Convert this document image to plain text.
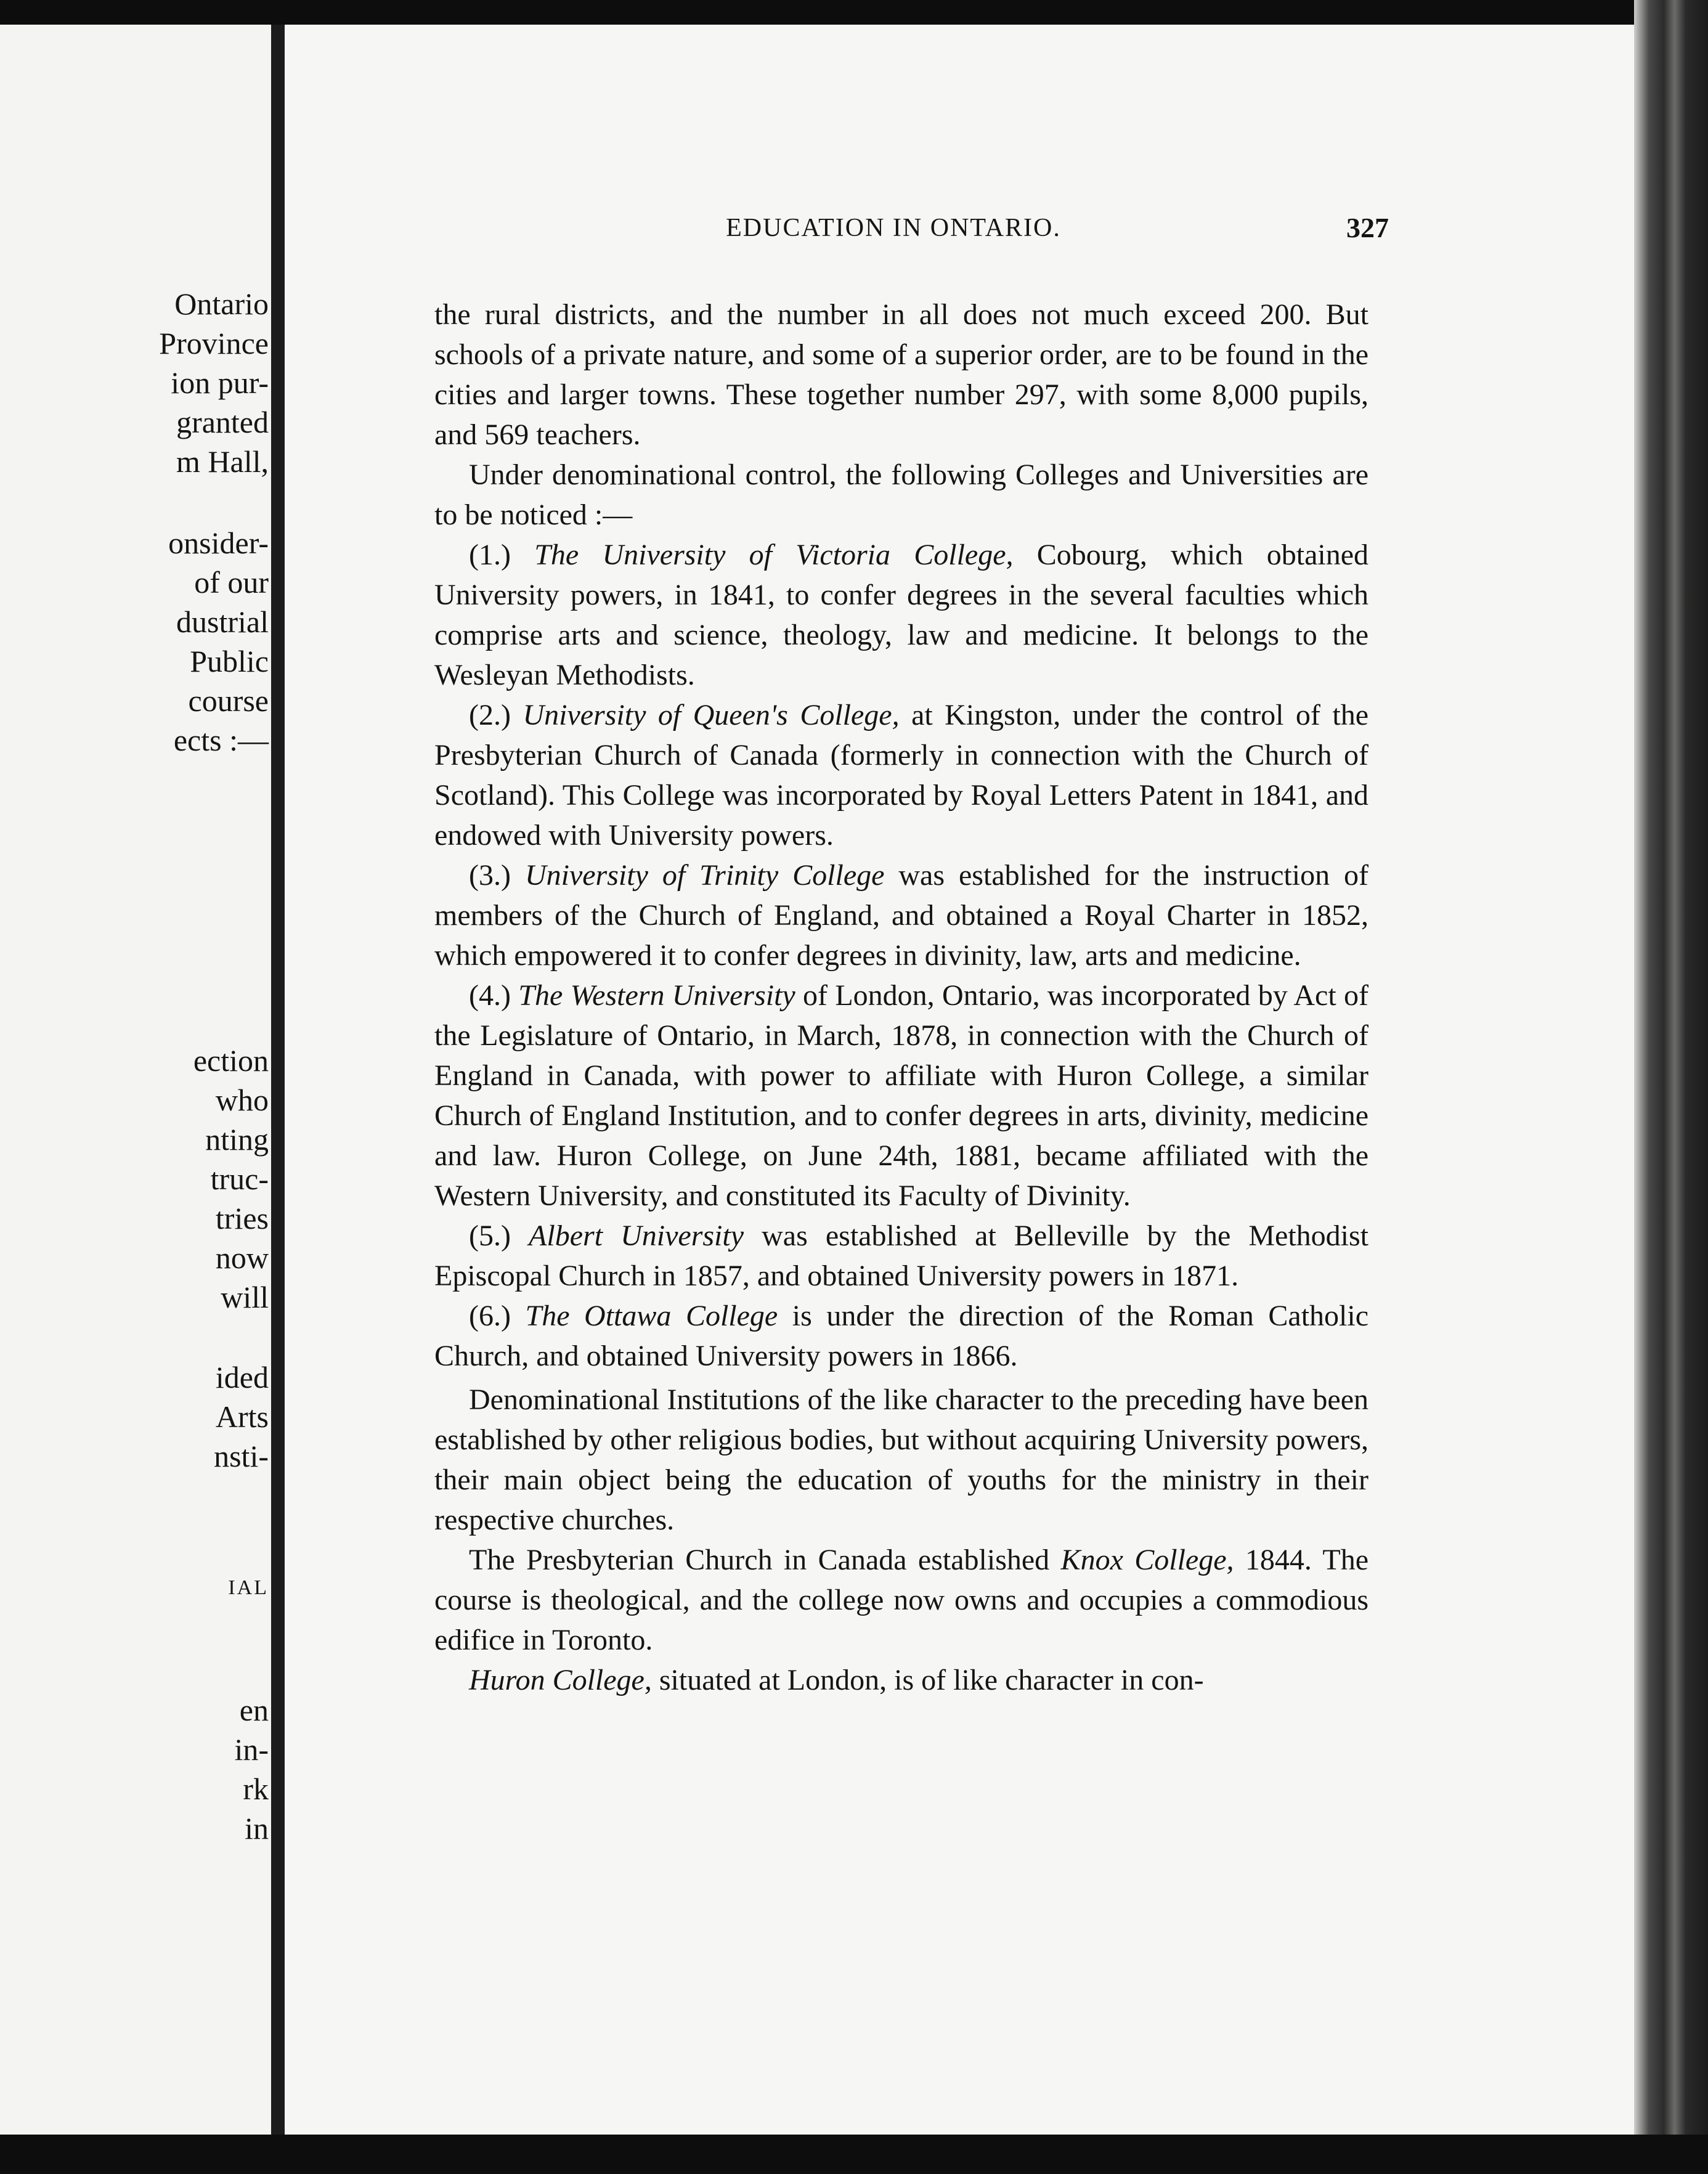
Ontario
Province
ion pur-
granted
m Hall,
onsider-
of our
dustrial
Public
course
ects :—
ection
who
nting
truc-
tries
now
will
ided
Arts
nsti-
IAL
en
in-
rk
in
EDUCATION IN ONTARIO.	327

the rural districts, and the number in all does not much exceed 200. But schools of a private nature, and some of a superior order, are to be found in the cities and larger towns. These together number 297, with some 8,000 pupils, and 569 teachers.

Under denominational control, the following Colleges and Universities are to be noticed :—

(1.) The University of Victoria College, Cobourg, which obtained University powers, in 1841, to confer degrees in the several faculties which comprise arts and science, theology, law and medicine. It belongs to the Wesleyan Methodists.

(2.) University of Queen's College, at Kingston, under the control of the Presbyterian Church of Canada (formerly in connection with the Church of Scotland). This College was incorporated by Royal Letters Patent in 1841, and endowed with University powers.

(3.) University of Trinity College was established for the instruction of members of the Church of England, and obtained a Royal Charter in 1852, which empowered it to confer degrees in divinity, law, arts and medicine.

(4.) The Western University of London, Ontario, was incorporated by Act of the Legislature of Ontario, in March, 1878, in connection with the Church of England in Canada, with power to affiliate with Huron College, a similar Church of England Institution, and to confer degrees in arts, divinity, medicine and law. Huron College, on June 24th, 1881, became affiliated with the Western University, and constituted its Faculty of Divinity.

(5.) Albert University was established at Belleville by the Methodist Episcopal Church in 1857, and obtained University powers in 1871.

(6.) The Ottawa College is under the direction of the Roman Catholic Church, and obtained University powers in 1866.

Denominational Institutions of the like character to the preceding have been established by other religious bodies, but without acquiring University powers, their main object being the education of youths for the ministry in their respective churches.

The Presbyterian Church in Canada established Knox College, 1844. The course is theological, and the college now owns and occupies a commodious edifice in Toronto.

Huron College, situated at London, is of like character in con-
